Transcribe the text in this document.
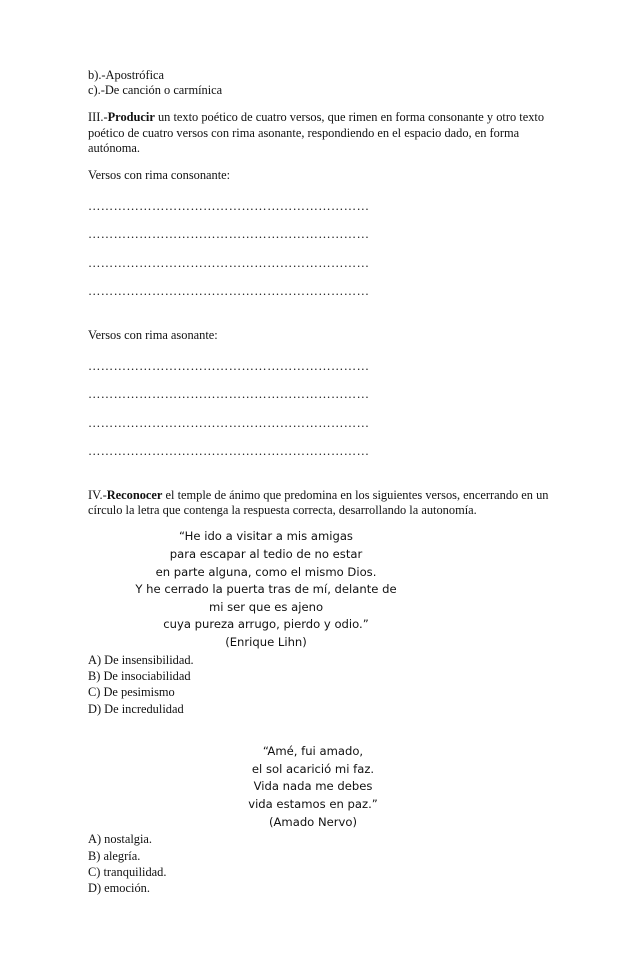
b).-Apostrófica

c).-De canción o carmínica

III.-Producir un texto poético de cuatro versos, que rimen en forma consonante y otro texto poético de cuatro versos con rima asonante, respondiendo en el espacio dado, en forma autónoma.

Versos con rima consonante:

…………………………………………………………
…………………………………………………………
…………………………………………………………
…………………………………………………………

Versos con rima asonante:

…………………………………………………………
…………………………………………………………
…………………………………………………………
…………………………………………………………

IV.-Reconocer el temple de ánimo que predomina en los siguientes versos, encerrando en un círculo la letra que contenga la respuesta correcta, desarrollando la autonomía.

“He ido a visitar a mis amigas

para escapar al tedio de no estar

en parte alguna, como el mismo Dios.

Y he cerrado la puerta tras de mí, delante de

mi ser que es ajeno

cuya pureza arrugo, pierdo y odio.”

(Enrique Lihn)

A) De insensibilidad.

B) De insociabilidad

C) De pesimismo

D) De incredulidad

“Amé, fui amado,

el sol acarició mi faz.

Vida nada me debes

vida estamos en paz.”

(Amado Nervo)

A) nostalgia.

B) alegría.

C) tranquilidad.

D) emoción.
